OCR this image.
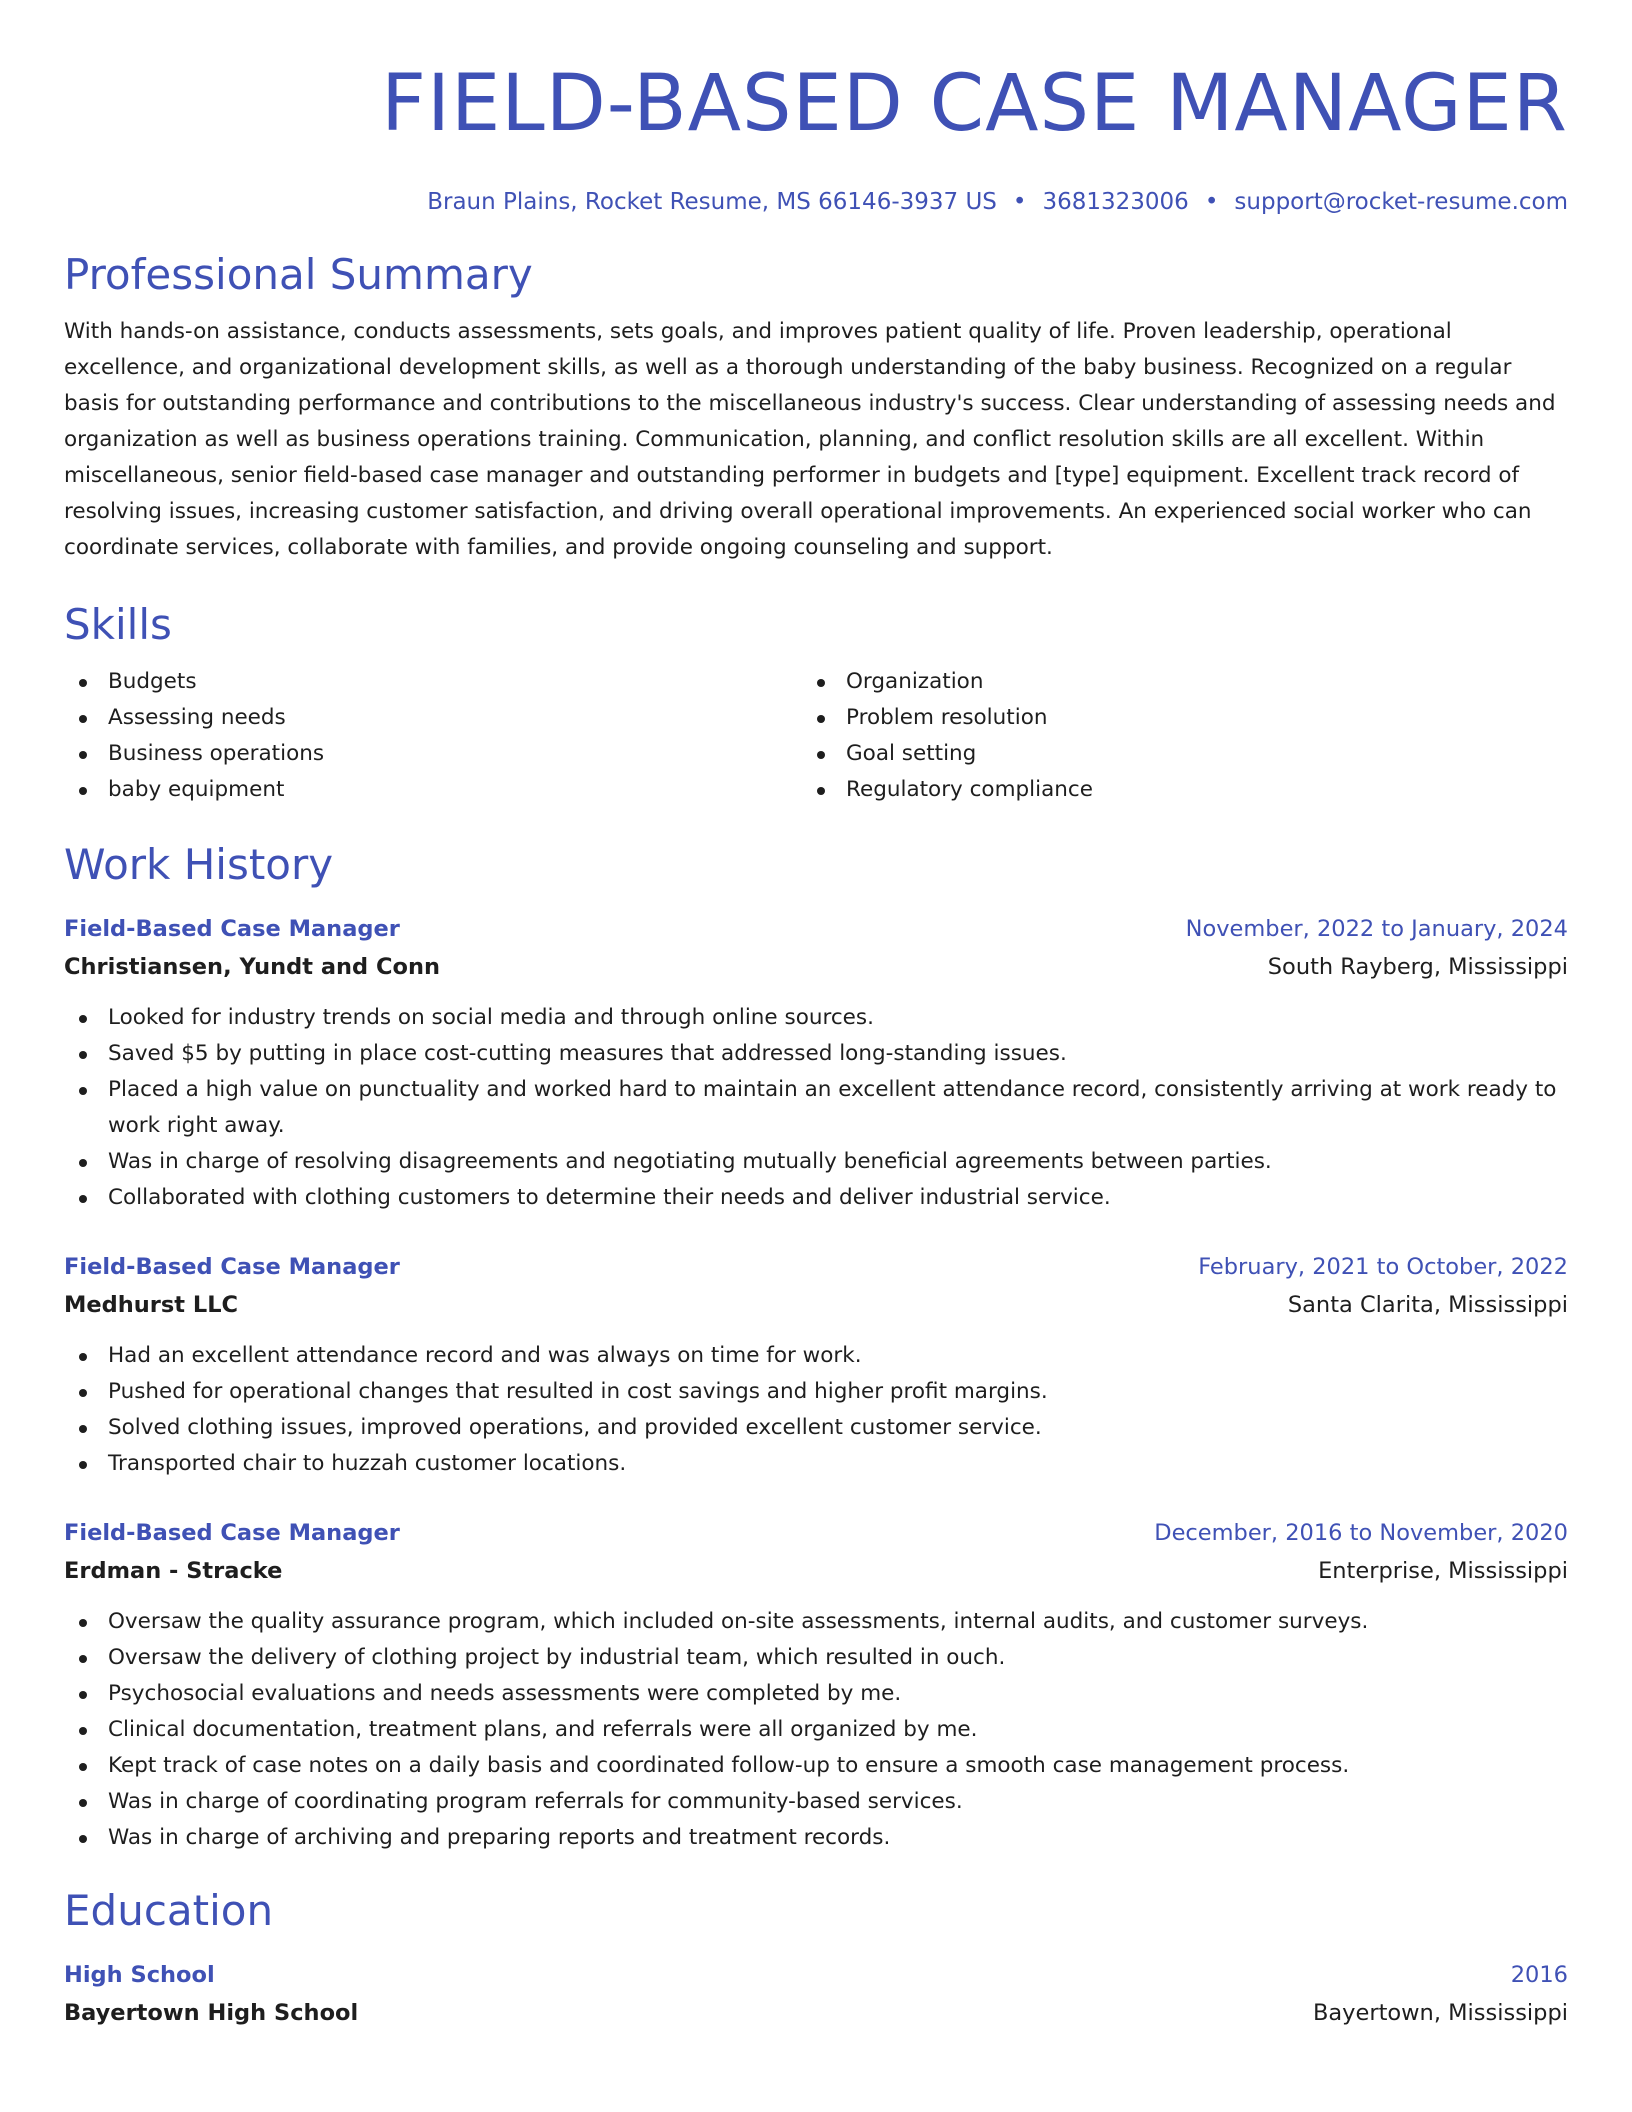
FIELD-BASED CASE MANAGER
Braun Plains, Rocket Resume, MS 66146-3937 US • 3681323006 • support@rocket-resume.com
Professional Summary
With hands-on assistance, conducts assessments, sets goals, and improves patient quality of life. Proven leadership, operational excellence, and organizational development skills, as well as a thorough understanding of the baby business. Recognized on a regular basis for outstanding performance and contributions to the miscellaneous industry's success. Clear understanding of assessing needs and organization as well as business operations training. Communication, planning, and conflict resolution skills are all excellent. Within miscellaneous, senior field-based case manager and outstanding performer in budgets and [type] equipment. Excellent track record of resolving issues, increasing customer satisfaction, and driving overall operational improvements. An experienced social worker who can coordinate services, collaborate with families, and provide ongoing counseling and support.
Skills
Budgets
Assessing needs
Business operations
baby equipment
Organization
Problem resolution
Goal setting
Regulatory compliance
Work History
Field-Based Case Manager	November, 2022 to January, 2024
Christiansen, Yundt and Conn	South Rayberg, Mississippi
Looked for industry trends on social media and through online sources.
Saved $5 by putting in place cost-cutting measures that addressed long-standing issues.
Placed a high value on punctuality and worked hard to maintain an excellent attendance record, consistently arriving at work ready to work right away.
Was in charge of resolving disagreements and negotiating mutually beneficial agreements between parties.
Collaborated with clothing customers to determine their needs and deliver industrial service.
Field-Based Case Manager	February, 2021 to October, 2022
Medhurst LLC	Santa Clarita, Mississippi
Had an excellent attendance record and was always on time for work.
Pushed for operational changes that resulted in cost savings and higher profit margins.
Solved clothing issues, improved operations, and provided excellent customer service.
Transported chair to huzzah customer locations.
Field-Based Case Manager	December, 2016 to November, 2020
Erdman - Stracke	Enterprise, Mississippi
Oversaw the quality assurance program, which included on-site assessments, internal audits, and customer surveys.
Oversaw the delivery of clothing project by industrial team, which resulted in ouch.
Psychosocial evaluations and needs assessments were completed by me.
Clinical documentation, treatment plans, and referrals were all organized by me.
Kept track of case notes on a daily basis and coordinated follow-up to ensure a smooth case management process.
Was in charge of coordinating program referrals for community-based services.
Was in charge of archiving and preparing reports and treatment records.
Education
High School	2016
Bayertown High School	Bayertown, Mississippi
